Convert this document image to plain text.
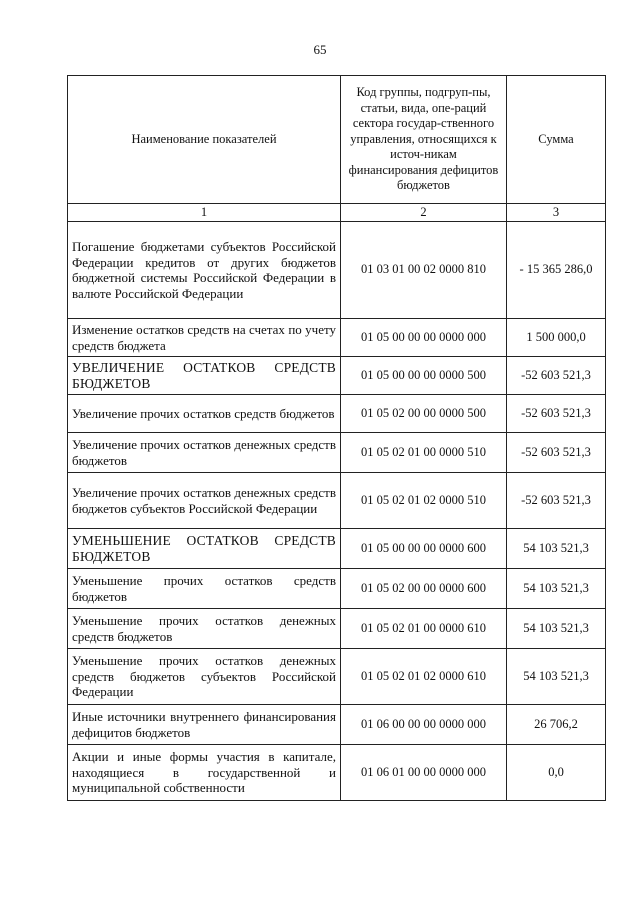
65
Наименование показателей	Код группы, подгруп-пы, статьи, вида, опе-раций сектора государ-ственного управления, относящихся к источ-никам финансирования дефицитов бюджетов	Сумма
1	2	3
Погашение бюджетами субъектов Российской Федерации кредитов от других бюджетов бюджетной системы Российской Федерации в валюте Российской Федерации	01 03 01 00 02 0000 810	- 15 365 286,0
Изменение остатков средств на счетах по учету средств бюджета	01 05 00 00 00 0000 000	1 500 000,0
УВЕЛИЧЕНИЕ ОСТАТКОВ СРЕДСТВ БЮДЖЕТОВ	01 05 00 00 00 0000 500	-52 603 521,3
Увеличение прочих остатков средств бюджетов	01 05 02 00 00 0000 500	-52 603 521,3
Увеличение прочих остатков денежных средств бюджетов	01 05 02 01 00 0000 510	-52 603 521,3
Увеличение прочих остатков денежных средств бюджетов субъектов Российской Федерации	01 05 02 01 02 0000 510	-52 603 521,3
УМЕНЬШЕНИЕ ОСТАТКОВ СРЕДСТВ БЮДЖЕТОВ	01 05 00 00 00 0000 600	54 103 521,3
Уменьшение прочих остатков средств бюджетов	01 05 02 00 00 0000 600	54 103 521,3
Уменьшение прочих остатков денежных средств бюджетов	01 05 02 01 00 0000 610	54 103 521,3
Уменьшение прочих остатков денежных средств бюджетов субъектов Российской Федерации	01 05 02 01 02 0000 610	54 103 521,3
Иные источники внутреннего финансирования дефицитов бюджетов	01 06 00 00 00 0000 000	26 706,2
Акции и иные формы участия в капитале, находящиеся в государственной и муниципальной собственности	01 06 01 00 00 0000 000	0,0
